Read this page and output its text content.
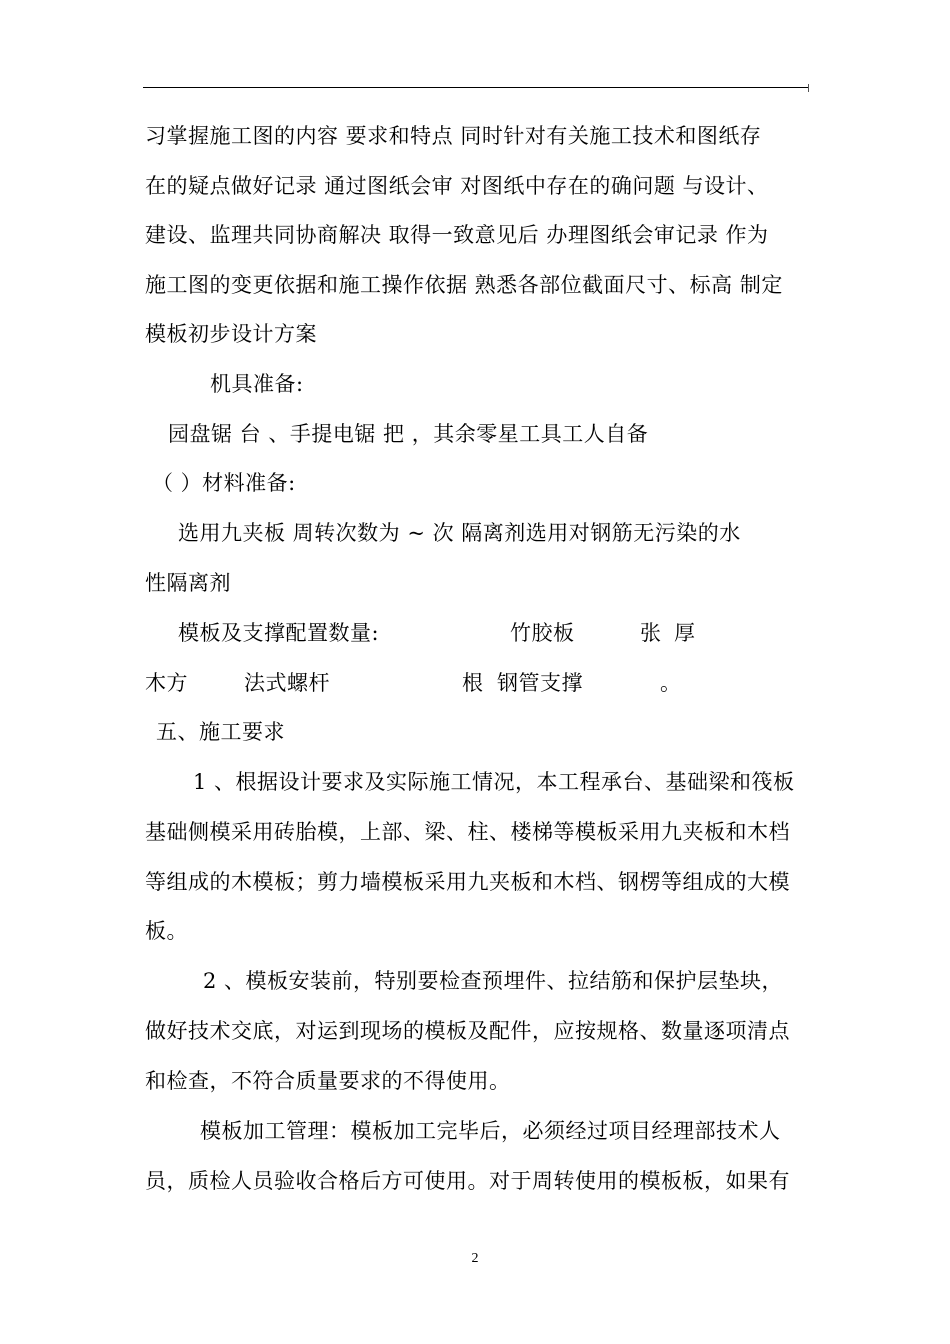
习掌握施工图的内容 要求和特点 同时针对有关施工技术和图纸存
在的疑点做好记录 通过图纸会审 对图纸中存在的确问题 与设计、
建设、监理共同协商解决 取得一致意见后 办理图纸会审记录 作为
施工图的变更依据和施工操作依据 熟悉各部位截面尺寸、标高 制定
模板初步设计方案
机具准备:
园盘锯 台 、手提电锯 把 ，其余零星工具工人自备
（ ）材料准备:
选用九夹板 周转次数为 ~ 次 隔离剂选用对钢筋无污染的水
性隔离剂
模板及支撑配置数量:	竹胶板	张 厚
木方	法式螺杆	根 钢管支撑	。
五、施工要求
1 、根据设计要求及实际施工情况，本工程承台、基础梁和筏板
基础侧模采用砖胎模，上部、梁、柱、楼梯等模板采用九夹板和木档
等组成的木模板；剪力墙模板采用九夹板和木档、钢楞等组成的大模
板。
2 、模板安装前，特别要检查预埋件、拉结筋和保护层垫块，
做好技术交底，对运到现场的模板及配件，应按规格、数量逐项清点
和检查，不符合质量要求的不得使用。
模板加工管理：模板加工完毕后，必须经过项目经理部技术人
员，质检人员验收合格后方可使用。对于周转使用的模板板，如果有
2
